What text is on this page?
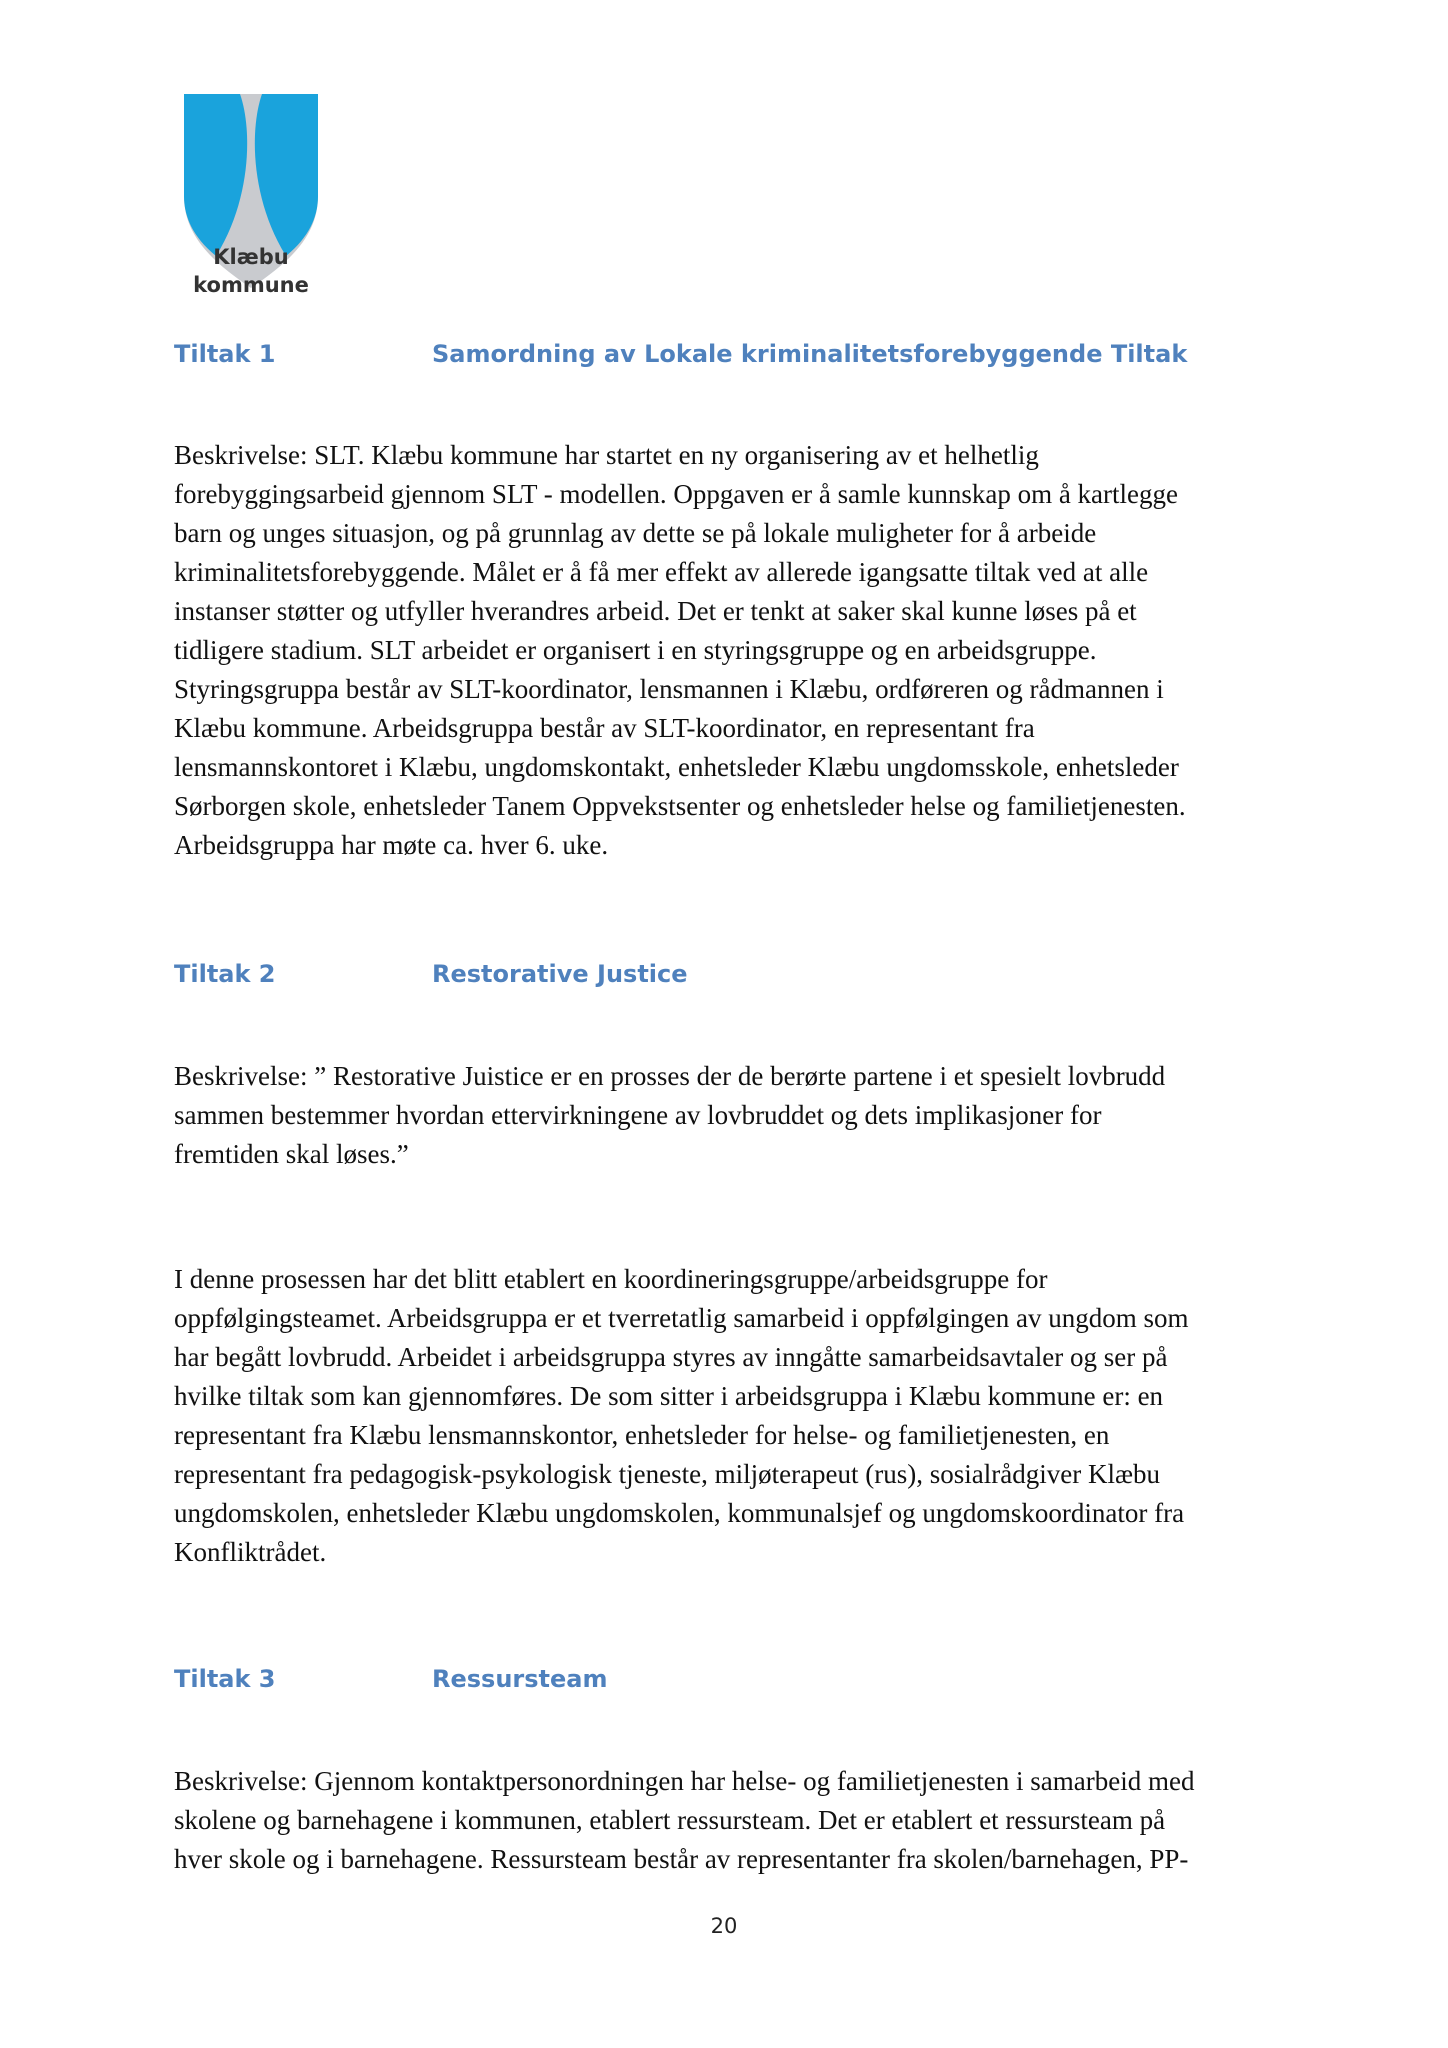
Klæbu
kommune
Tiltak 1	Samordning av Lokale kriminalitetsforebyggende Tiltak
Beskrivelse: SLT. Klæbu kommune har startet en ny organisering av et helhetlig
forebyggingsarbeid gjennom SLT - modellen. Oppgaven er å samle kunnskap om å kartlegge
barn og unges situasjon, og på grunnlag av dette se på lokale muligheter for å arbeide
kriminalitetsforebyggende. Målet er å få mer effekt av allerede igangsatte tiltak ved at alle
instanser støtter og utfyller hverandres arbeid. Det er tenkt at saker skal kunne løses på et
tidligere stadium. SLT arbeidet er organisert i en styringsgruppe og en arbeidsgruppe.
Styringsgruppa består av SLT-koordinator, lensmannen i Klæbu, ordføreren og rådmannen i
Klæbu kommune. Arbeidsgruppa består av SLT-koordinator, en representant fra
lensmannskontoret i Klæbu, ungdomskontakt, enhetsleder Klæbu ungdomsskole, enhetsleder
Sørborgen skole, enhetsleder Tanem Oppvekstsenter og enhetsleder helse og familietjenesten.
Arbeidsgruppa har møte ca. hver 6. uke.
Tiltak 2	Restorative Justice
Beskrivelse: ” Restorative Juistice er en prosses der de berørte partene i et spesielt lovbrudd
sammen bestemmer hvordan ettervirkningene av lovbruddet og dets implikasjoner for
fremtiden skal løses.”
I denne prosessen har det blitt etablert en koordineringsgruppe/arbeidsgruppe for
oppfølgingsteamet. Arbeidsgruppa er et tverretatlig samarbeid i oppfølgingen av ungdom som
har begått lovbrudd. Arbeidet i arbeidsgruppa styres av inngåtte samarbeidsavtaler og ser på
hvilke tiltak som kan gjennomføres. De som sitter i arbeidsgruppa i Klæbu kommune er: en
representant fra Klæbu lensmannskontor, enhetsleder for helse- og familietjenesten, en
representant fra pedagogisk-psykologisk tjeneste, miljøterapeut (rus), sosialrådgiver Klæbu
ungdomskolen, enhetsleder Klæbu ungdomskolen, kommunalsjef og ungdomskoordinator fra
Konfliktrådet.
Tiltak 3	Ressursteam
Beskrivelse: Gjennom kontaktpersonordningen har helse- og familietjenesten i samarbeid med
skolene og barnehagene i kommunen, etablert ressursteam. Det er etablert et ressursteam på
hver skole og i barnehagene. Ressursteam består av representanter fra skolen/barnehagen, PP-
20
